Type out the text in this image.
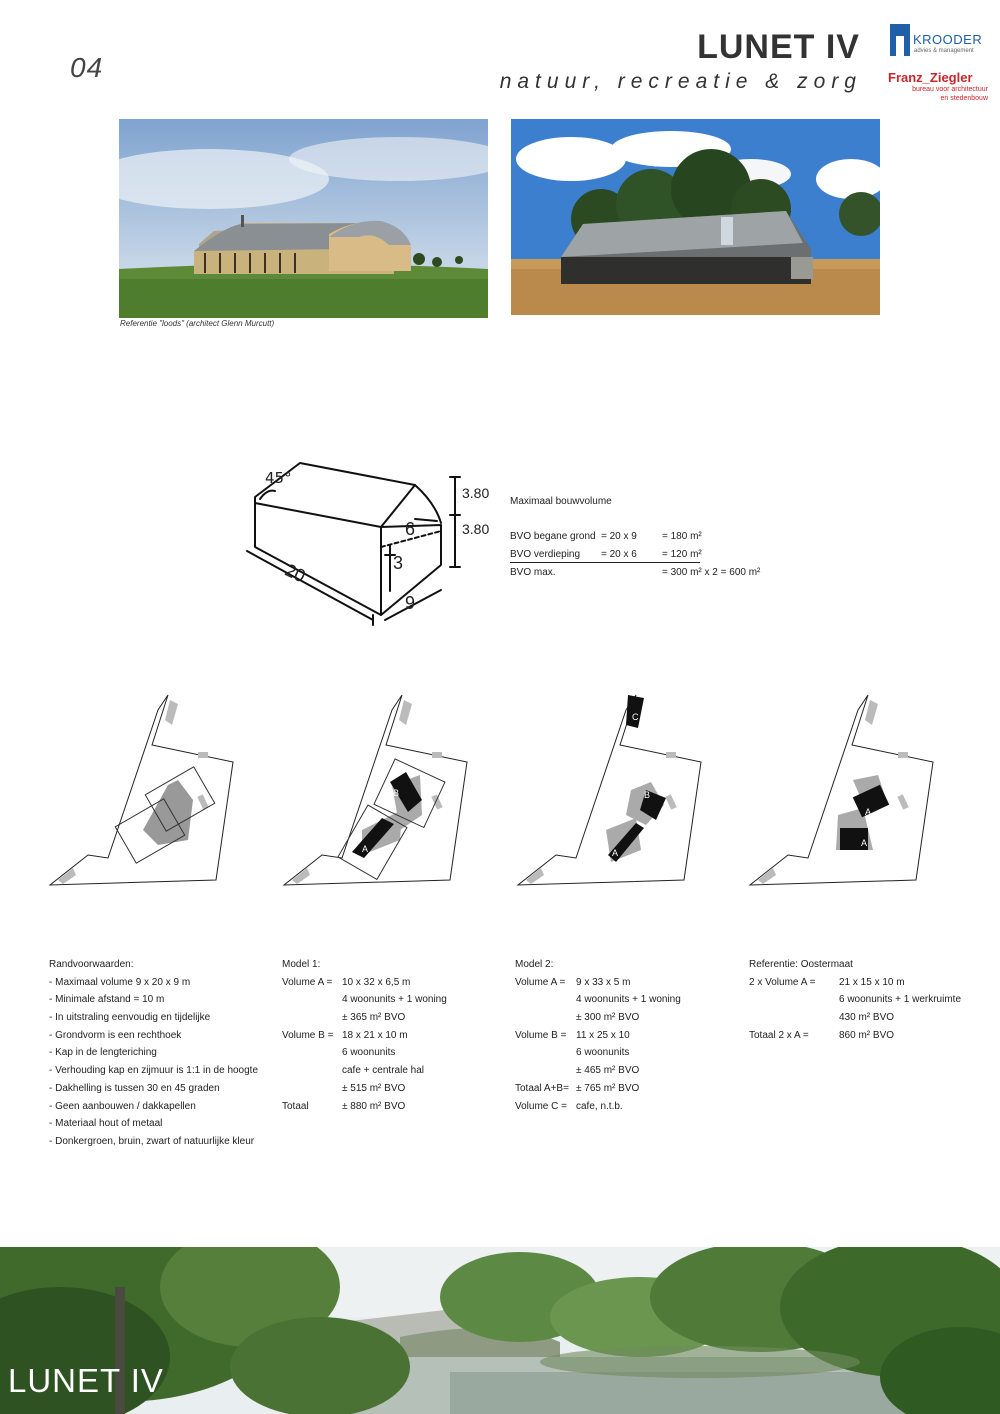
04
LUNET IV
natuur, recreatie & zorg
KROODER
advies & management
Franz_Ziegler
bureau voor architectuur
en stedenbouw
Referentie "loods" (architect Glenn Murcutt)
45°
3.80
3.80
20
9
6
3
Maximaal bouwvolume
BVO begane grond = 20 x 9	= 180 m²
BVO verdieping = 20 x 6	= 120 m²
BVO max.	= 300 m² x 2 = 600 m²
B
A
C
B
A
A
A
Randvoorwaarden:
- Maximaal volume 9 x 20 x 9 m
- Minimale afstand = 10 m
- In uitstraling eenvoudig en tijdelijke
- Grondvorm is een rechthoek
- Kap in de lengteriching
- Verhouding kap en zijmuur is 1:1 in de hoogte
- Dakhelling is tussen 30 en 45 graden
- Geen aanbouwen / dakkapellen
- Materiaal hout of metaal
- Donkergroen, bruin, zwart of natuurlijke kleur
Model 1:
Volume A = 10 x 32 x 6,5 m
4 woonunits + 1 woning
± 365 m² BVO
Volume B = 18 x 21 x 10 m
6 woonunits
cafe + centrale hal
± 515 m² BVO
Totaal	± 880 m² BVO
Model 2:
Volume A = 9 x 33 x 5 m
4 woonunits + 1 woning
± 300 m² BVO
Volume B = 11 x 25 x 10
6 woonunits
± 465 m² BVO
Totaal A+B= ± 765 m² BVO
Volume C = cafe, n.t.b.
Referentie: Oostermaat
2 x Volume A = 21 x 15 x 10 m
6 woonunits + 1 werkruimte
430 m² BVO
Totaal 2 x A =	860 m² BVO
LUNET IV
